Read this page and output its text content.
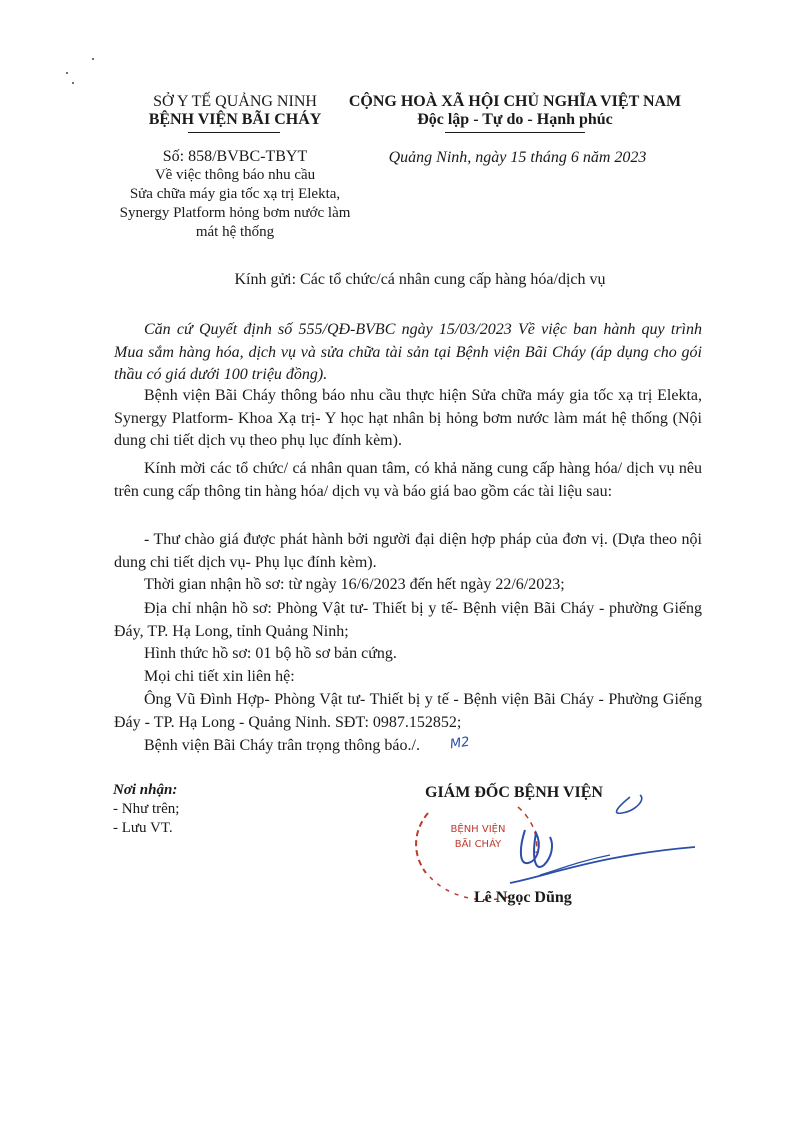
SỞ Y TẾ QUẢNG NINH
BỆNH VIỆN BÃI CHÁY
CỘNG HOÀ XÃ HỘI CHỦ NGHĨA VIỆT NAM
Độc lập - Tự do - Hạnh phúc
Số: 858/BVBC-TBYT
Về việc thông báo nhu cầu
Sửa chữa máy gia tốc xạ trị Elekta,
Synergy Platform hỏng bơm nước làm
mát hệ thống
Quảng Ninh, ngày 15 tháng 6 năm 2023
Kính gửi: Các tổ chức/cá nhân cung cấp hàng hóa/dịch vụ
Căn cứ Quyết định số 555/QĐ-BVBC ngày 15/03/2023 Về việc ban hành quy trình Mua sắm hàng hóa, dịch vụ và sửa chữa tài sản tại Bệnh viện Bãi Cháy (áp dụng cho gói thầu có giá dưới 100 triệu đồng).
Bệnh viện Bãi Cháy thông báo nhu cầu thực hiện Sửa chữa máy gia tốc xạ trị Elekta, Synergy Platform- Khoa Xạ trị- Y học hạt nhân bị hỏng bơm nước làm mát hệ thống (Nội dung chi tiết dịch vụ theo phụ lục đính kèm).
Kính mời các tổ chức/ cá nhân quan tâm, có khả năng cung cấp hàng hóa/ dịch vụ nêu trên cung cấp thông tin hàng hóa/ dịch vụ và báo giá bao gồm các tài liệu sau:
- Thư chào giá được phát hành bởi người đại diện hợp pháp của đơn vị. (Dựa theo nội dung chi tiết dịch vụ- Phụ lục đính kèm).
Thời gian nhận hồ sơ: từ ngày 16/6/2023 đến hết ngày 22/6/2023;
Địa chỉ nhận hồ sơ: Phòng Vật tư- Thiết bị y tế- Bệnh viện Bãi Cháy - phường Giếng Đáy, TP. Hạ Long, tỉnh Quảng Ninh;
Hình thức hồ sơ: 01 bộ hồ sơ bản cứng.
Mọi chi tiết xin liên hệ:
Ông Vũ Đình Hợp- Phòng Vật tư- Thiết bị y tế - Bệnh viện Bãi Cháy - Phường Giếng Đáy - TP. Hạ Long - Quảng Ninh. SĐT: 0987.152852;
Bệnh viện Bãi Cháy trân trọng thông báo./.	M2
Nơi nhận:
- Như trên;
- Lưu VT.
GIÁM ĐỐC BỆNH VIỆN
BỆNH VIỆN
BÃI CHÁY
Lê Ngọc Dũng
